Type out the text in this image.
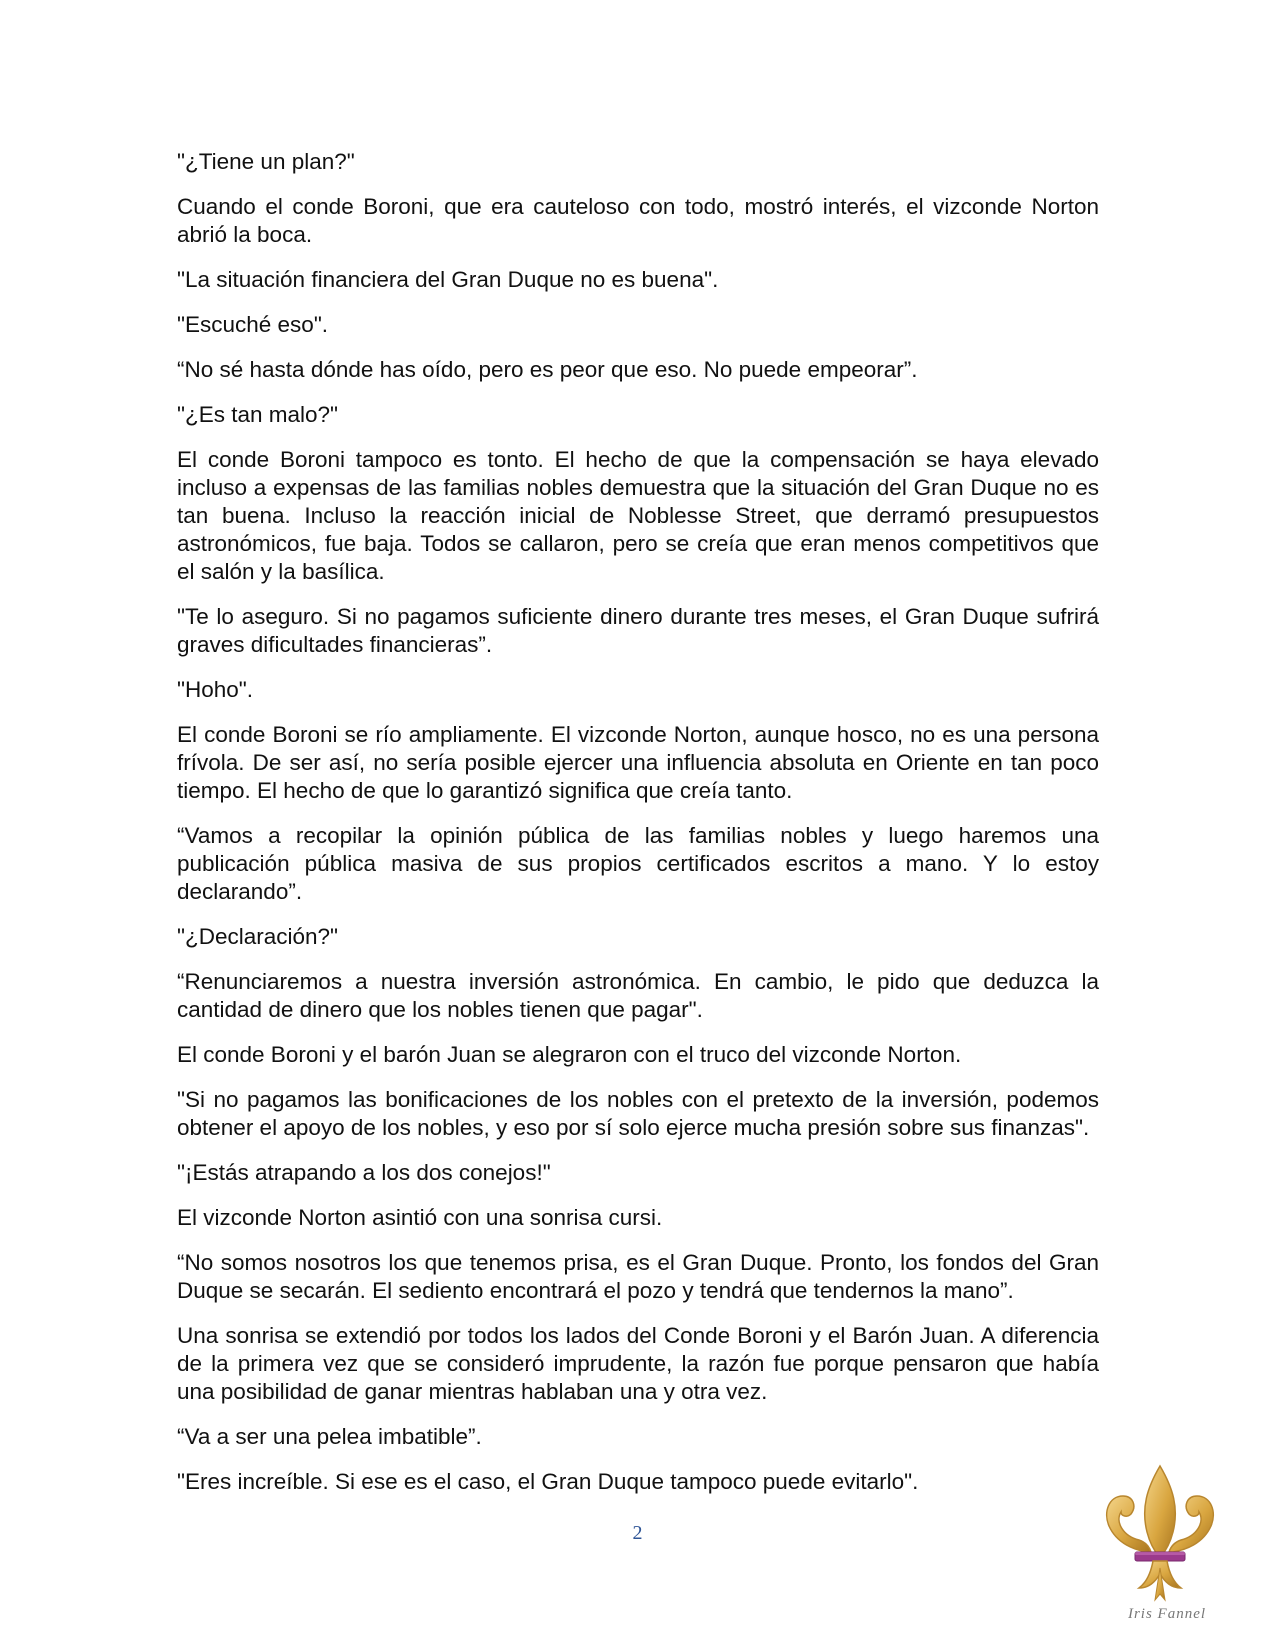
"¿Tiene un plan?"

Cuando el conde Boroni, que era cauteloso con todo, mostró interés, el vizconde Norton abrió la boca.

"La situación financiera del Gran Duque no es buena".

"Escuché eso".

“No sé hasta dónde has oído, pero es peor que eso. No puede empeorar”.

"¿Es tan malo?"

El conde Boroni tampoco es tonto. El hecho de que la compensación se haya elevado incluso a expensas de las familias nobles demuestra que la situación del Gran Duque no es tan buena. Incluso la reacción inicial de Noblesse Street, que derramó presupuestos astronómicos, fue baja. Todos se callaron, pero se creía que eran menos competitivos que el salón y la basílica.

"Te lo aseguro. Si no pagamos suficiente dinero durante tres meses, el Gran Duque sufrirá graves dificultades financieras”.

"Hoho".

El conde Boroni se río ampliamente. El vizconde Norton, aunque hosco, no es una persona frívola. De ser así, no sería posible ejercer una influencia absoluta en Oriente en tan poco tiempo. El hecho de que lo garantizó significa que creía tanto.

“Vamos a recopilar la opinión pública de las familias nobles y luego haremos una publicación pública masiva de sus propios certificados escritos a mano. Y lo estoy declarando”.

"¿Declaración?"

“Renunciaremos a nuestra inversión astronómica. En cambio, le pido que deduzca la cantidad de dinero que los nobles tienen que pagar".

El conde Boroni y el barón Juan se alegraron con el truco del vizconde Norton.

"Si no pagamos las bonificaciones de los nobles con el pretexto de la inversión, podemos obtener el apoyo de los nobles, y eso por sí solo ejerce mucha presión sobre sus finanzas".

"¡Estás atrapando a los dos conejos!"

El vizconde Norton asintió con una sonrisa cursi.

“No somos nosotros los que tenemos prisa, es el Gran Duque. Pronto, los fondos del Gran Duque se secarán. El sediento encontrará el pozo y tendrá que tendernos la mano”.

Una sonrisa se extendió por todos los lados del Conde Boroni y el Barón Juan. A diferencia de la primera vez que se consideró imprudente, la razón fue porque pensaron que había una posibilidad de ganar mientras hablaban una y otra vez.

“Va a ser una pelea imbatible”.

"Eres increíble. Si ese es el caso, el Gran Duque tampoco puede evitarlo".

2
Iris Fannel
